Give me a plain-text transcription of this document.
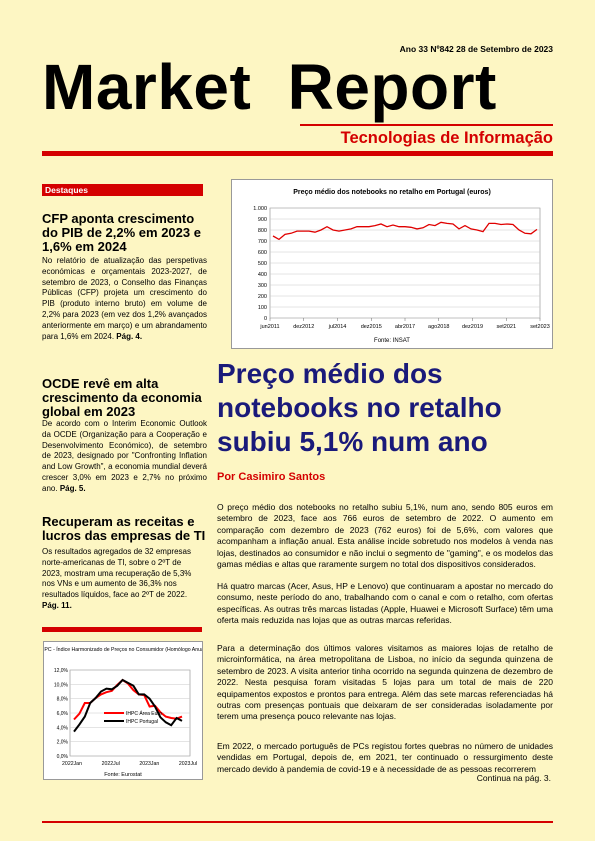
Ano 33 Nº842 28 de Setembro de 2023
Market Report
Tecnologias de Informação
Destaques
CFP aponta crescimento do PIB de 2,2% em 2023 e 1,6% em 2024
No relatório de atualização das perspetivas económicas e orçamentais 2023-2027, de setembro de 2023, o Conselho das Finanças Públicas (CFP) projeta um crescimento do PIB (produto interno bruto) em volume de 2,2% para 2023 (em vez dos 1,2% avançados anteriormente em março) e um abrandamento para 1,6% em 2024. Pág. 4.
OCDE revê em alta crescimento da economia global em 2023
De acordo com o Interim Economic Outlook da OCDE (Organização para a Cooperação e Desenvolvimento Económico), de setembro de 2023, designado por "Confronting Inflation and Low Growth", a economia mundial deverá crescer 3,0% em 2023 e 2,7% no próximo ano. Pág. 5.
Recuperam as receitas e lucros das empresas de TI
Os resultados agregados de 32 empresas norte-americanas de TI, sobre o 2ºT de 2023, mostram uma recuperação de 5,3% nos VNs e um aumento de 36,3% nos resultados líquidos, face ao 2ºT de 2022. Pág. 11.
IHPC - Índice Harmonizado de Preços no Consumidor (Homólogo Anual)
0,0%
2,0%
4,0%
6,0%
8,0%
10,0%
12,0%
2022Jan	2022Jul	2023Jan	2023Jul
IHPC Área Euro
IHPC Portugal
Fonte: Eurostat
Preço médio dos notebooks no retalho em Portugal (euros)
0
100
200
300
400
500
600
700
800
900
1.000
jun2011 dez2012	jul2014	dez2015 abr2017 ago2018 dez2019 set2021	set2023
Fonte: INSAT
Preço médio dos notebooks no retalho subiu 5,1% num ano
Por Casimiro Santos
O preço médio dos notebooks no retalho subiu 5,1%, num ano, sendo 805 euros em setembro de 2023, face aos 766 euros de setembro de 2022. O aumento em comparação com dezembro de 2023 (762 euros) foi de 5,6%, com valores que acompanham a inflação anual. Esta análise incide sobretudo nos modelos à venda nas lojas, destinados ao consumidor e não inclui o segmento de "gaming", e os modelos das gamas médias e altas que raramente surgem no total dos dispositivos considerados.
Há quatro marcas (Acer, Asus, HP e Lenovo) que continuaram a apostar no mercado do consumo, neste período do ano, trabalhando com o canal e com o retalho, com ofertas específicas. As outras três marcas listadas (Apple, Huawei e Microsoft Surface) têm uma oferta mais reduzida nas lojas que as outras marcas referidas.
Para a determinação dos últimos valores visitamos as maiores lojas de retalho de microinformática, na área metropolitana de Lisboa, no início da segunda quinzena de setembro de 2023. A visita anterior tinha ocorrido na segunda quinzena de dezembro de 2022. Nesta pesquisa foram visitadas 5 lojas para um total de mais de 220 equipamentos expostos e prontos para entrega. Além das sete marcas referenciadas há outras com presenças pontuais que deixaram de ser consideradas isoladamente por terem uma presença pouco relevante nas lojas.
Em 2022, o mercado português de PCs registou fortes quebras no número de unidades vendidas em Portugal, depois de, em 2021, ter continuado o ressurgimento deste mercado devido à pandemia de covid-19 e à necessidade de as pessoas recorrerem
Continua na pág. 3.
